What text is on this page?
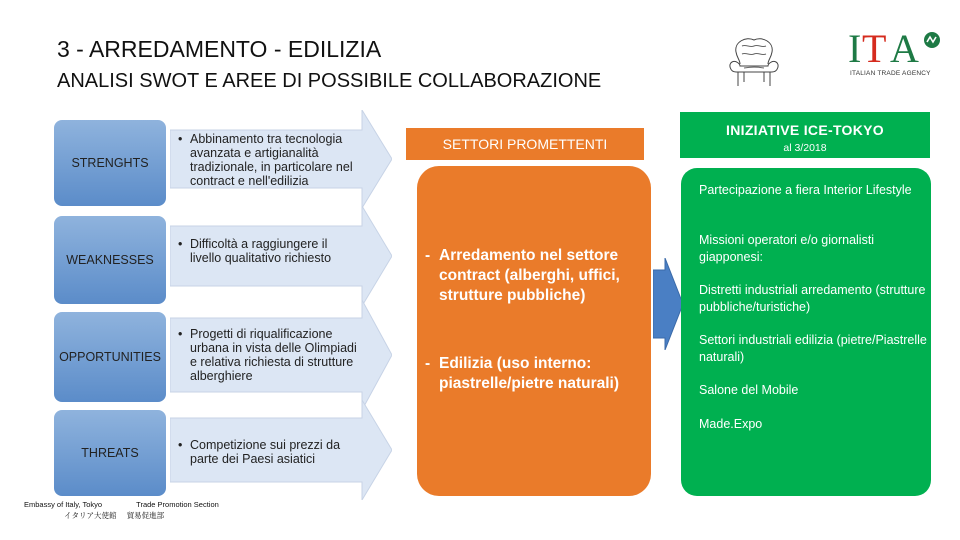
3 - ARREDAMENTO - EDILIZIA
ANALISI SWOT E AREE DI POSSIBILE COLLABORAZIONE
I T A
ITALIAN TRADE AGENCY
STRENGHTS
WEAKNESSES
OPPORTUNITIES
THREATS
• Abbinamento tra tecnologia avanzata e artigianalità tradizionale, in particolare nel contract e nell'edilizia
• Difficoltà a raggiungere il livello qualitativo richiesto
• Progetti di riqualificazione urbana in vista delle Olimpiadi e relativa richiesta di strutture alberghiere
• Competizione sui prezzi da parte dei Paesi asiatici
SETTORI PROMETTENTI
- Arredamento nel settore contract (alberghi, uffici, strutture pubbliche)
- Edilizia (uso interno: piastrelle/pietre naturali)
INIZIATIVE ICE-TOKYO
al 3/2018
Partecipazione a fiera Interior Lifestyle
Missioni operatori e/o giornalisti giapponesi:
Distretti industriali arredamento (strutture pubbliche/turistiche)
Settori industriali edilizia (pietre/Piastrelle naturali)
Salone del Mobile
Made.Expo
Embassy of Italy, Tokyo	Trade Promotion Section
イタリア大使館 貿易促進部
